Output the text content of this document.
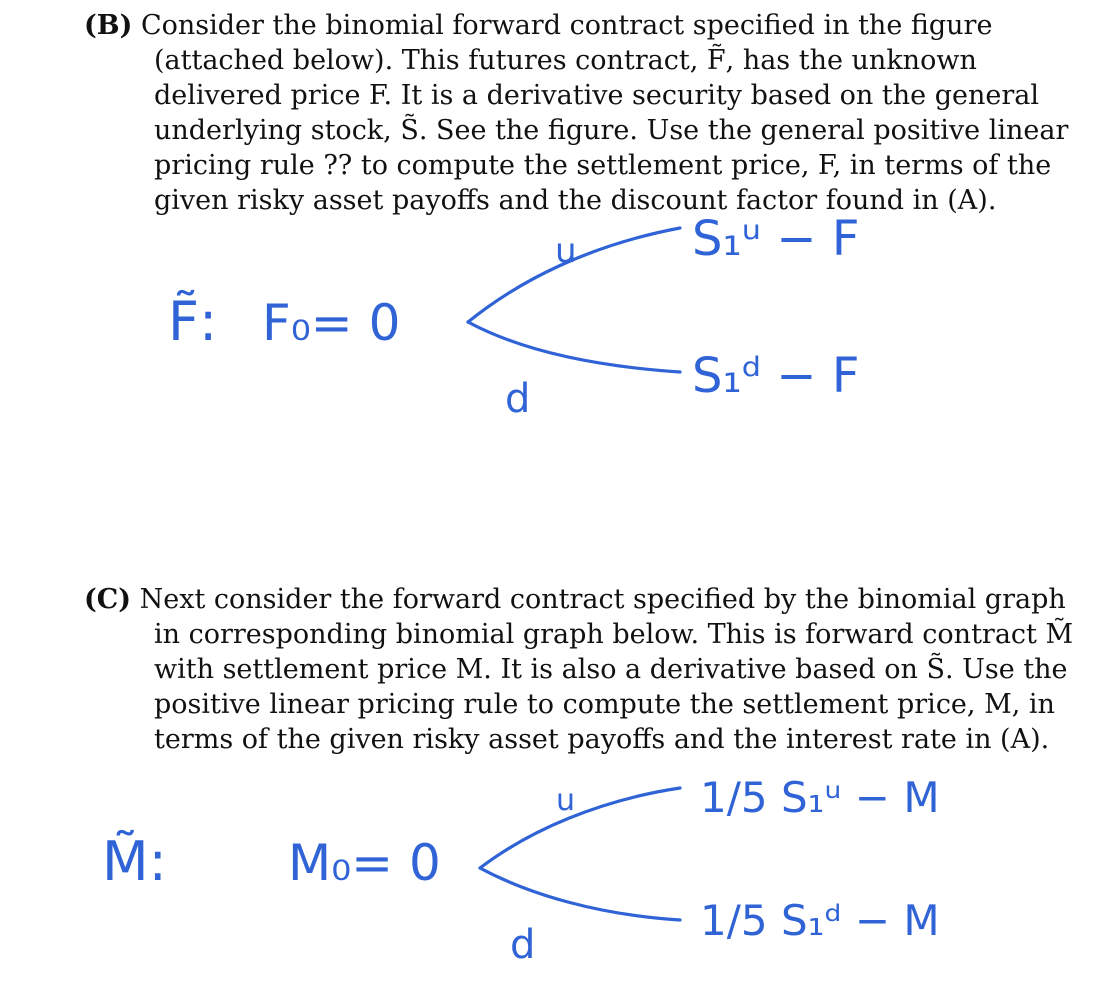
(B) Consider the binomial forward contract specified in the figure (attached below). This futures contract, F̃, has the unknown delivered price F. It is a derivative security based on the general underlying stock, S̃. See the figure. Use the general positive linear pricing rule ?? to compute the settlement price, F, in terms of the given risky asset payoffs and the discount factor found in (A).
(C) Next consider the forward contract specified by the binomial graph in corresponding binomial graph below. This is forward contract M̃ with settlement price M. It is also a derivative based on S̃. Use the positive linear pricing rule to compute the settlement price, M, in terms of the given risky asset payoffs and the interest rate in (A).
F̃: F₀= 0
u
d
S₁ᵘ − F
S₁ᵈ − F
M̃: M₀= 0
u
d
1/5 S₁ᵘ − M
1/5 S₁ᵈ − M
